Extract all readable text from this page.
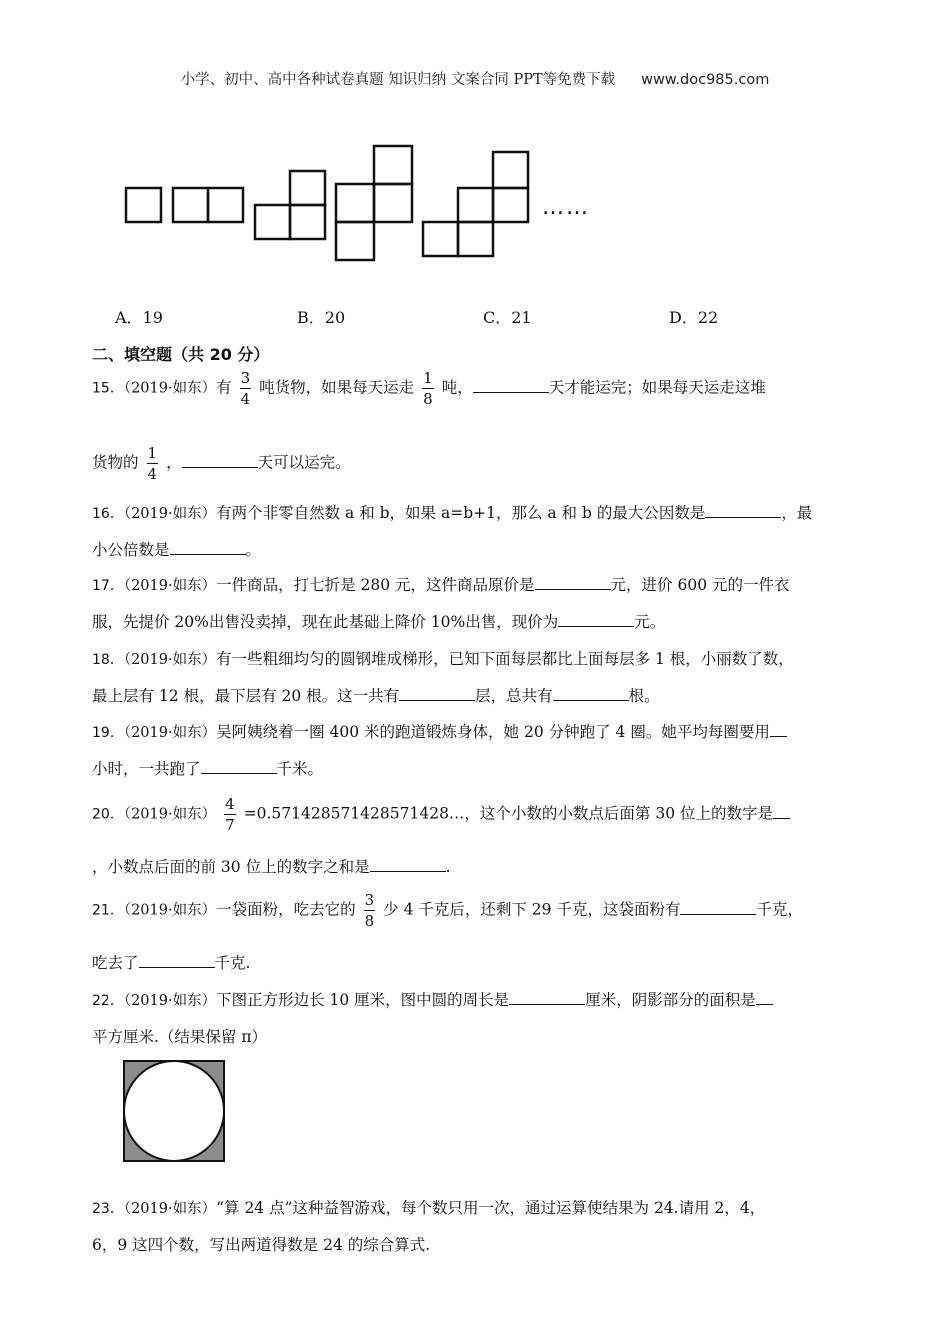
小学、初中、高中各种试卷真题 知识归纳 文案合同 PPT等免费下载 www.doc985.com
……
A．19	B．20	C．21	D．22
二、填空题（共 20 分）
15．（2019·如东）有 $\frac{3}{4}$ 吨货物，如果每天运走 $\frac{1}{8}$ 吨，	天才能运完；如果每天运走这堆
货物的 $\frac{1}{4}$ ，	天可以运完。
16．（2019·如东）有两个非零自然数 a 和 b，如果 a=b+1，那么 a 和 b 的最大公因数是	，最
小公倍数是	。
17．（2019·如东）一件商品，打七折是 280 元，这件商品原价是	元，进价 600 元的一件衣
服，先提价 20%出售没卖掉，现在此基础上降价 10%出售，现价为	元。
18．（2019·如东）有一些粗细均匀的圆钢堆成梯形，已知下面每层都比上面每层多 1 根，小丽数了数，
最上层有 12 根，最下层有 20 根。这一共有	层，总共有	根。
19．（2019·如东）吴阿姨绕着一圈 400 米的跑道锻炼身体，她 20 分钟跑了 4 圈。她平均每圈要用
小时，一共跑了	千米。
20．（2019·如东） $\frac{4}{7}$ =0.571428571428571428…，这个小数的小数点后面第 30 位上的数字是
，小数点后面的前 30 位上的数字之和是	.
21．（2019·如东）一袋面粉，吃去它的 $\frac{3}{8}$ 少 4 千克后，还剩下 29 千克，这袋面粉有	千克，
吃去了	千克.
22．（2019·如东）下图正方形边长 10 厘米，图中圆的周长是	厘米，阴影部分的面积是
平方厘米.（结果保留 π）
23．（2019·如东）“算 24 点”这种益智游戏，每个数只用一次，通过运算使结果为 24.请用 2，4，
6，9 这四个数，写出两道得数是 24 的综合算式.
